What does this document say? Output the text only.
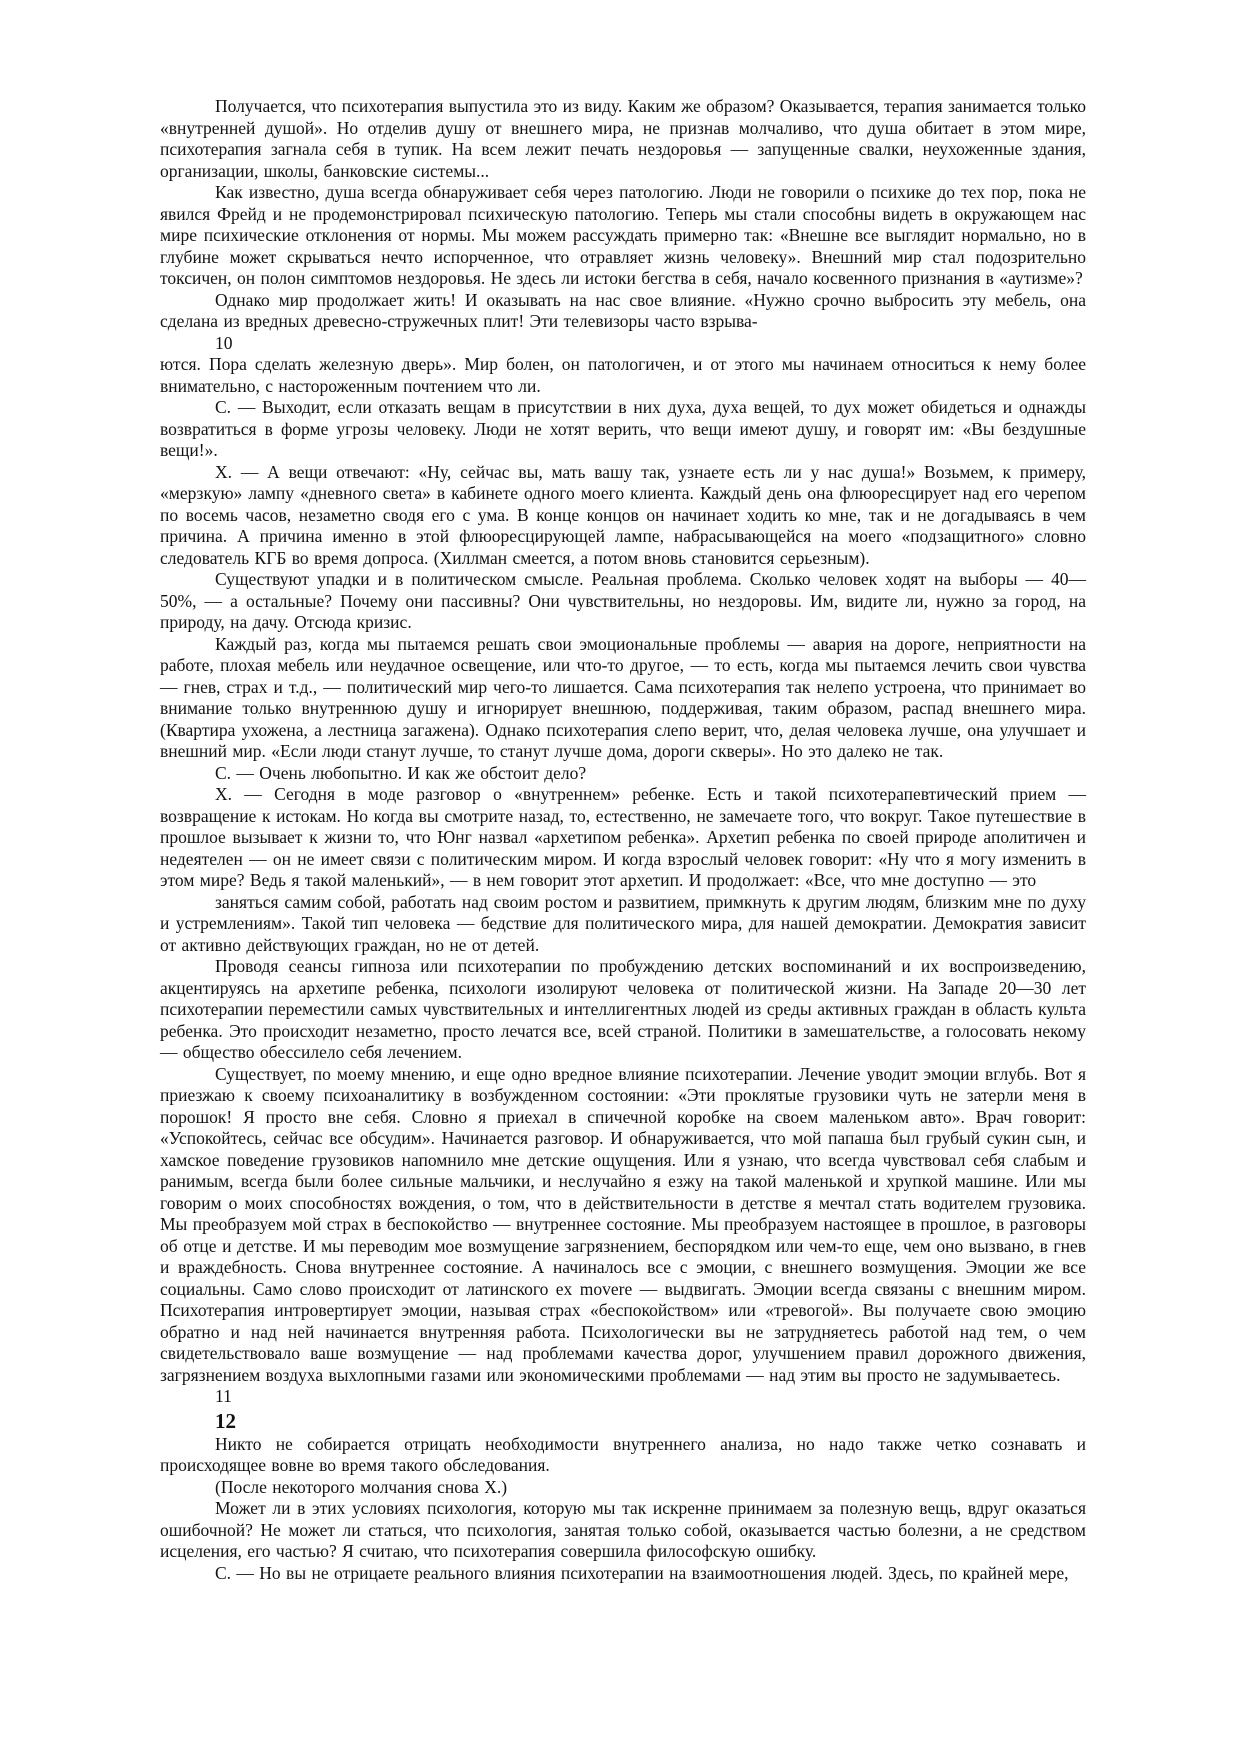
Получается, что психотерапия выпустила это из виду. Каким же образом? Оказывается, терапия занимается только «внутренней душой». Но отделив душу от внешнего мира, не признав молчаливо, что душа обитает в этом мире, психотерапия загнала себя в тупик. На всем лежит печать нездоровья — запущенные свалки, неухоженные здания, организации, школы, банковские системы...

Как известно, душа всегда обнаруживает себя через патологию. Люди не говорили о психике до тех пор, пока не явился Фрейд и не продемонстрировал психическую патологию. Теперь мы стали способны видеть в окружающем нас мире психические отклонения от нормы. Мы можем рассуждать примерно так: «Внешне все выглядит нормально, но в глубине может скрываться нечто испорченное, что отравляет жизнь человеку». Внешний мир стал подозрительно токсичен, он полон симптомов нездоровья. Не здесь ли истоки бегства в себя, начало косвенного признания в «аутизме»?

Однако мир продолжает жить! И оказывать на нас свое влияние. «Нужно срочно выбросить эту мебель, она сделана из вредных древесно-стружечных плит! Эти телевизоры часто взрыва-

10

ются. Пора сделать железную дверь». Мир болен, он патологичен, и от этого мы начинаем относиться к нему более внимательно, с настороженным почтением что ли.

С. — Выходит, если отказать вещам в присутствии в них духа, духа вещей, то дух может обидеться и однажды возвратиться в форме угрозы человеку. Люди не хотят верить, что вещи имеют душу, и говорят им: «Вы бездушные вещи!».

Х. — А вещи отвечают: «Ну, сейчас вы, мать вашу так, узнаете есть ли у нас душа!» Возьмем, к примеру, «мерзкую» лампу «дневного света» в кабинете одного моего клиента. Каждый день она флюоресцирует над его черепом по восемь часов, незаметно сводя его с ума. В конце концов он начинает ходить ко мне, так и не догадываясь в чем причина. А причина именно в этой флюоресцирующей лампе, набрасывающейся на моего «подзащитного» словно следователь КГБ во время допроса. (Хиллман смеется, а потом вновь становится серьезным).

Существуют упадки и в политическом смысле. Реальная проблема. Сколько человек ходят на выборы — 40— 50%, — а остальные? Почему они пассивны? Они чувствительны, но нездоровы. Им, видите ли, нужно за город, на природу, на дачу. Отсюда кризис.

Каждый раз, когда мы пытаемся решать свои эмоциональные проблемы — авария на дороге, неприятности на работе, плохая мебель или неудачное освещение, или что-то другое, — то есть, когда мы пытаемся лечить свои чувства — гнев, страх и т.д., — политический мир чего-то лишается. Сама психотерапия так нелепо устроена, что принимает во внимание только внутреннюю душу и игнорирует внешнюю, поддерживая, таким образом, распад внешнего мира. (Квартира ухожена, а лестница загажена). Однако психотерапия слепо верит, что, делая человека лучше, она улучшает и внешний мир. «Если люди станут лучше, то станут лучше дома, дороги скверы». Но это далеко не так.

С. — Очень любопытно. И как же обстоит дело?

Х. — Сегодня в моде разговор о «внутреннем» ребенке. Есть и такой психотерапевтический прием — возвращение к истокам. Но когда вы смотрите назад, то, естественно, не замечаете того, что вокруг. Такое путешествие в прошлое вызывает к жизни то, что Юнг назвал «архетипом ребенка». Архетип ребенка по своей природе аполитичен и недеятелен — он не имеет связи с политическим миром. И когда взрослый человек говорит: «Ну что я могу изменить в этом мире? Ведь я такой маленький», — в нем говорит этот архетип. И продолжает: «Все, что мне доступно — это

заняться самим собой, работать над своим ростом и развитием, примкнуть к другим людям, близким мне по духу и устремлениям». Такой тип человека — бедствие для политического мира, для нашей демократии. Демократия зависит от активно действующих граждан, но не от детей.

Проводя сеансы гипноза или психотерапии по пробуждению детских воспоминаний и их воспроизведению, акцентируясь на архетипе ребенка, психологи изолируют человека от политической жизни. На Западе 20—30 лет психотерапии переместили самых чувствительных и интеллигентных людей из среды активных граждан в область культа ребенка. Это происходит незаметно, просто лечатся все, всей страной. Политики в замешательстве, а голосовать некому — общество обессилело себя лечением.

Существует, по моему мнению, и еще одно вредное влияние психотерапии. Лечение уводит эмоции вглубь. Вот я приезжаю к своему психоаналитику в возбужденном состоянии: «Эти проклятые грузовики чуть не затерли меня в порошок! Я просто вне себя. Словно я приехал в спичечной коробке на своем маленьком авто». Врач говорит: «Успокойтесь, сейчас все обсудим». Начинается разговор. И обнаруживается, что мой папаша был грубый сукин сын, и хамское поведение грузовиков напомнило мне детские ощущения. Или я узнаю, что всегда чувствовал себя слабым и ранимым, всегда были более сильные мальчики, и неслучайно я езжу на такой маленькой и хрупкой машине. Или мы говорим о моих способностях вождения, о том, что в действительности в детстве я мечтал стать водителем грузовика. Мы преобразуем мой страх в беспокойство — внутреннее состояние. Мы преобразуем настоящее в прошлое, в разговоры об отце и детстве. И мы переводим мое возмущение загрязнением, беспорядком или чем-то еще, чем оно вызвано, в гнев и враждебность. Снова внутреннее состояние. А начиналось все с эмоции, с внешнего возмущения. Эмоции же все социальны. Само слово происходит от латинского ex movere — выдвигать. Эмоции всегда связаны с внешним миром. Психотерапия интровертирует эмоции, называя страх «беспокойством» или «тревогой». Вы получаете свою эмоцию обратно и над ней начинается внутренняя работа. Психологически вы не затрудняетесь работой над тем, о чем свидетельствовало ваше возмущение — над проблемами качества дорог, улучшением правил дорожного движения, загрязнением воздуха выхлопными газами или экономическими проблемами — над этим вы просто не задумываетесь.

11

12

Никто не собирается отрицать необходимости внутреннего анализа, но надо также четко сознавать и происходящее вовне во время такого обследования.

(После некоторого молчания снова Х.)

Может ли в этих условиях психология, которую мы так искренне принимаем за полезную вещь, вдруг оказаться ошибочной? Не может ли статься, что психология, занятая только собой, оказывается частью болезни, а не средством исцеления, его частью? Я считаю, что психотерапия совершила философскую ошибку.

С. — Но вы не отрицаете реального влияния психотерапии на взаимоотношения людей. Здесь, по крайней мере,
